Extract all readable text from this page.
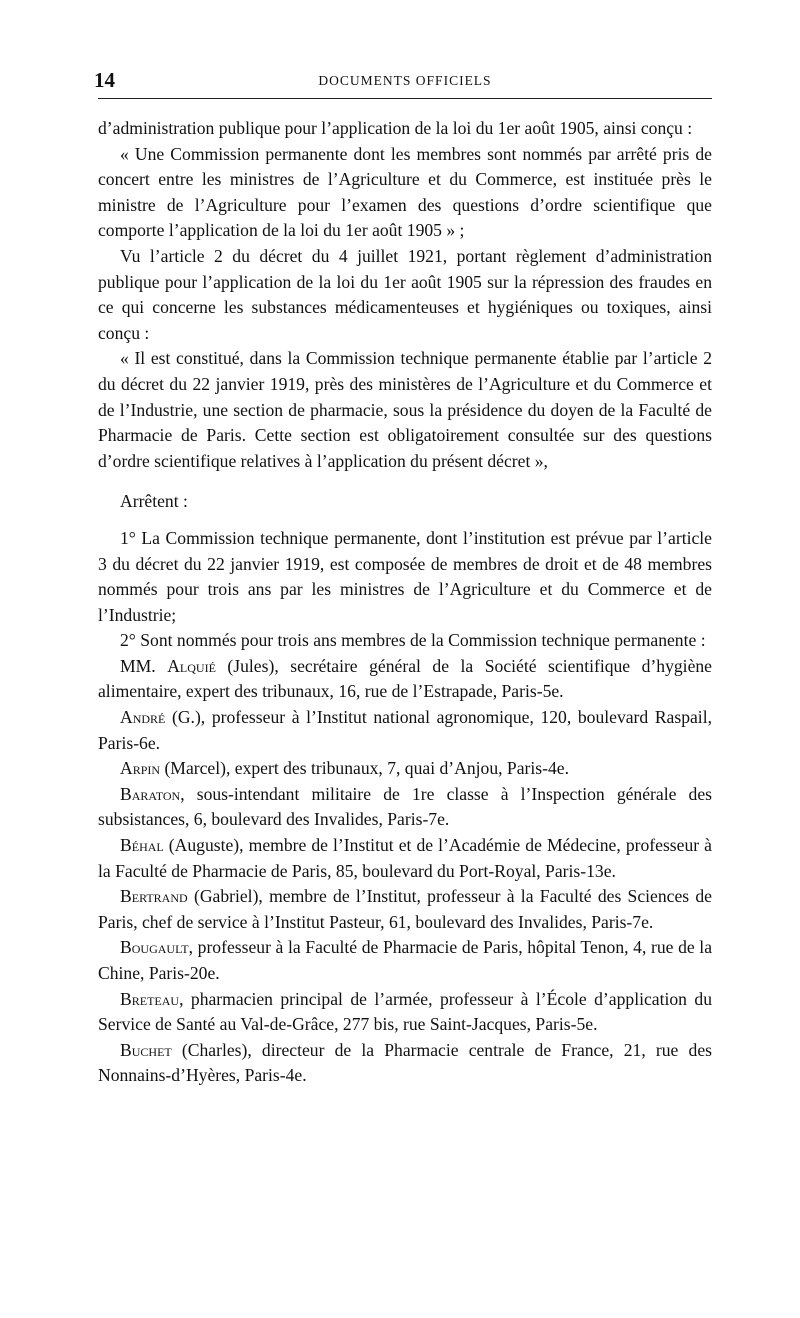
14	DOCUMENTS OFFICIELS

d’administration publique pour l’application de la loi du 1er août 1905, ainsi conçu :

« Une Commission permanente dont les membres sont nommés par arrêté pris de concert entre les ministres de l’Agriculture et du Commerce, est instituée près le ministre de l’Agriculture pour l’examen des questions d’ordre scientifique que comporte l’application de la loi du 1er août 1905 » ;

Vu l’article 2 du décret du 4 juillet 1921, portant règlement d’administration publique pour l’application de la loi du 1er août 1905 sur la répression des fraudes en ce qui concerne les substances médicamenteuses et hygiéniques ou toxiques, ainsi conçu :

« Il est constitué, dans la Commission technique permanente établie par l’article 2 du décret du 22 janvier 1919, près des ministères de l’Agriculture et du Commerce et de l’Industrie, une section de pharmacie, sous la présidence du doyen de la Faculté de Pharmacie de Paris. Cette section est obligatoirement consultée sur des questions d’ordre scientifique relatives à l’application du présent décret »,

Arrêtent :

1° La Commission technique permanente, dont l’institution est prévue par l’article 3 du décret du 22 janvier 1919, est composée de membres de droit et de 48 membres nommés pour trois ans par les ministres de l’Agriculture et du Commerce et de l’Industrie;

2° Sont nommés pour trois ans membres de la Commission technique permanente :

MM. Alquié (Jules), secrétaire général de la Société scientifique d’hygiène alimentaire, expert des tribunaux, 16, rue de l’Estrapade, Paris-5e.

André (G.), professeur à l’Institut national agronomique, 120, boulevard Raspail, Paris-6e.

Arpin (Marcel), expert des tribunaux, 7, quai d’Anjou, Paris-4e.

Baraton, sous-intendant militaire de 1re classe à l’Inspection générale des subsistances, 6, boulevard des Invalides, Paris-7e.

Béhal (Auguste), membre de l’Institut et de l’Académie de Médecine, professeur à la Faculté de Pharmacie de Paris, 85, boulevard du Port-Royal, Paris-13e.

Bertrand (Gabriel), membre de l’Institut, professeur à la Faculté des Sciences de Paris, chef de service à l’Institut Pasteur, 61, boulevard des Invalides, Paris-7e.

Bougault, professeur à la Faculté de Pharmacie de Paris, hôpital Tenon, 4, rue de la Chine, Paris-20e.

Breteau, pharmacien principal de l’armée, professeur à l’École d’application du Service de Santé au Val-de-Grâce, 277 bis, rue Saint-Jacques, Paris-5e.

Buchet (Charles), directeur de la Pharmacie centrale de France, 21, rue des Nonnains-d’Hyères, Paris-4e.
